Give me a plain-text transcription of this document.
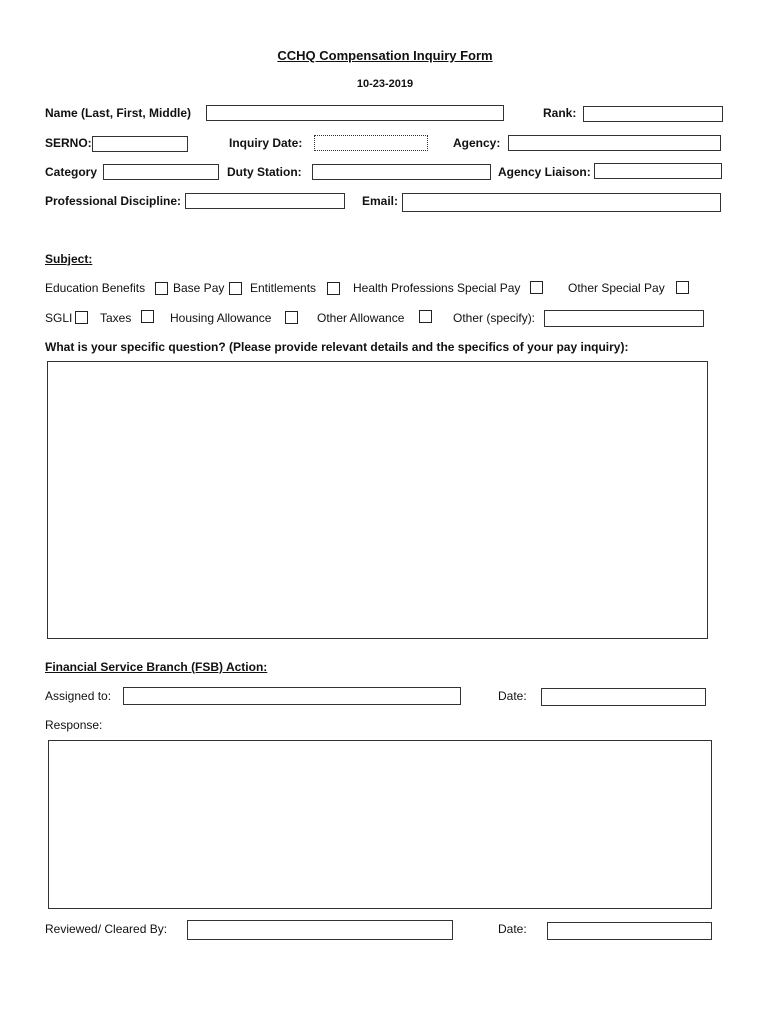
CCHQ Compensation Inquiry Form
10-23-2019
Name (Last, First, Middle)	Rank:
SERNO:	Inquiry Date:	Agency:
Category	Duty Station:	Agency Liaison:
Professional Discipline:	Email:
Subject:
Education Benefits Base Pay Entitlements	Health Professions Special Pay	Other Special Pay
SGLI Taxes	Housing Allowance	Other Allowance	Other (specify):
What is your specific question? (Please provide relevant details and the specifics of your pay inquiry):
Financial Service Branch (FSB) Action:
Assigned to:	Date:
Response:
Reviewed/ Cleared By:	Date:
